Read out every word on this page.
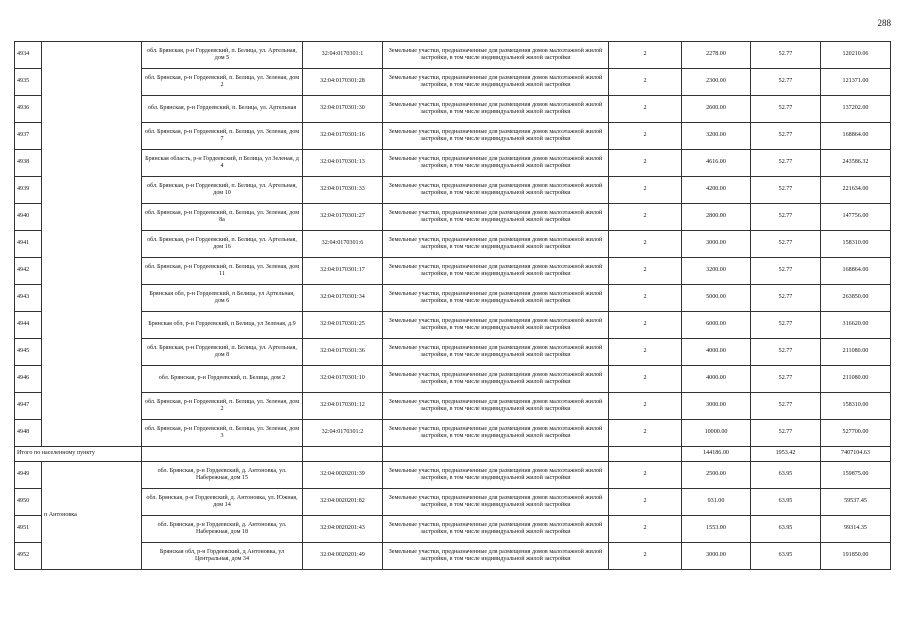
288
4934		обл. Брянская, р-н Гордеевский, п. Белица, ул. Артельная, дом 5	32:04:0170301:1	Земельные участки, предназначенные для размещения домов малоэтажной жилой застройки, в том числе индивидуальной жилой застройки	2	2278.00	52.77	120210.06
4935		обл. Брянская, р-н Гордеевский, п. Белица, ул. Зеленая, дом 2	32:04:0170301:28	Земельные участки, предназначенные для размещения домов малоэтажной жилой застройки, в том числе индивидуальной жилой застройки	2	2300.00	52.77	121371.00
4936		обл. Брянская, р-н Гордеевский, п. Белица, ул. Артельная	32:04:0170301:30	Земельные участки, предназначенные для размещения домов малоэтажной жилой застройки, в том числе индивидуальной жилой застройки	2	2600.00	52.77	137202.00
4937		обл. Брянская, р-н Гордеевский, п. Белица, ул. Зеленая, дом 7	32:04:0170301:16	Земельные участки, предназначенные для размещения домов малоэтажной жилой застройки, в том числе индивидуальной жилой застройки	2	3200.00	52.77	168864.00
4938		Брянская область, р-н Гордеевский, п Белица, ул Зеленая, д 4	32:04:0170301:13	Земельные участки, предназначенные для размещения домов малоэтажной жилой застройки, в том числе индивидуальной жилой застройки	2	4616.00	52.77	243586.32
4939		обл. Брянская, р-н Гордеевский, п. Белица, ул. Артельная, дом 10	32:04:0170301:33	Земельные участки, предназначенные для размещения домов малоэтажной жилой застройки, в том числе индивидуальной жилой застройки	2	4200.00	52.77	221634.00
4940		обл. Брянская, р-н Гордеевский, п. Белица, ул. Зеленая, дом 8а	32:04:0170301:27	Земельные участки, предназначенные для размещения домов малоэтажной жилой застройки, в том числе индивидуальной жилой застройки	2	2800.00	52.77	147756.00
4941		обл. Брянская, р-н Гордеевский, п. Белица, ул. Артельная, дом 16	32:04:0170301:6	Земельные участки, предназначенные для размещения домов малоэтажной жилой застройки, в том числе индивидуальной жилой застройки	2	3000.00	52.77	158310.00
4942		обл. Брянская, р-н Гордеевский, п. Белица, ул. Зеленая, дом 11	32:04:0170301:17	Земельные участки, предназначенные для размещения домов малоэтажной жилой застройки, в том числе индивидуальной жилой застройки	2	3200.00	52.77	168864.00
4943		Брянская обл, р-н Гордеевский, п Белица, ул Артельная, дом 6	32:04:0170301:34	Земельные участки, предназначенные для размещения домов малоэтажной жилой застройки, в том числе индивидуальной жилой застройки	2	5000.00	52.77	263850.00
4944		Брянская обл, р-н Гордеевский, п Белица, ул Зеленая, д.9	32:04:0170301:25	Земельные участки, предназначенные для размещения домов малоэтажной жилой застройки, в том числе индивидуальной жилой застройки	2	6000.00	52.77	316620.00
4945		обл. Брянская, р-н Гордеевский, п. Белица, ул. Артельная, дом 8	32:04:0170301:36	Земельные участки, предназначенные для размещения домов малоэтажной жилой застройки, в том числе индивидуальной жилой застройки	2	4000.00	52.77	211080.00
4946		обл. Брянская, р-н Гордеевский, п. Белица, дом 2	32:04:0170301:10	Земельные участки, предназначенные для размещения домов малоэтажной жилой застройки, в том числе индивидуальной жилой застройки	2	4000.00	52.77	211080.00
4947		обл. Брянская, р-н Гордеевский, п. Белица, ул. Зеленая, дом 2	32:04:0170301:12	Земельные участки, предназначенные для размещения домов малоэтажной жилой застройки, в том числе индивидуальной жилой застройки	2	3000.00	52.77	158310.00
4948		обл. Брянская, р-н Гордеевский, п. Белица, ул. Зеленая, дом 3	32:04:0170301:2	Земельные участки, предназначенные для размещения домов малоэтажной жилой застройки, в том числе индивидуальной жилой застройки	2	10000.00	52.77	527700.00
Итого по населенному пункту						144186.00	1953.42	7407104.63
4949	п Антоновка	обл. Брянская, р-н Гордеевский, д. Антоновка, ул. Набережная, дом 15	32:04:0020201:39	Земельные участки, предназначенные для размещения домов малоэтажной жилой застройки, в том числе индивидуальной жилой застройки	2	2500.00	63.95	159875.00
4950		обл. Брянская, р-н Гордеевский, д. Антоновка, ул. Южная, дом 14	32:04:0020201:82	Земельные участки, предназначенные для размещения домов малоэтажной жилой застройки, в том числе индивидуальной жилой застройки	2	931.00	63.95	59537.45
4951		обл. Брянская, р-н Гордеевский, д. Антоновка, ул. Набережная, дом 18	32:04:0020201:43	Земельные участки, предназначенные для размещения домов малоэтажной жилой застройки, в том числе индивидуальной жилой застройки	2	1553.00	63.95	99314.35
4952		Брянская обл, р-н Гордеевский, д Антоновка, ул Центральная, дом 34	32:04:0020201:49	Земельные участки, предназначенные для размещения домов малоэтажной жилой застройки, в том числе индивидуальной жилой застройки	2	3000.00	63.95	191850.00
